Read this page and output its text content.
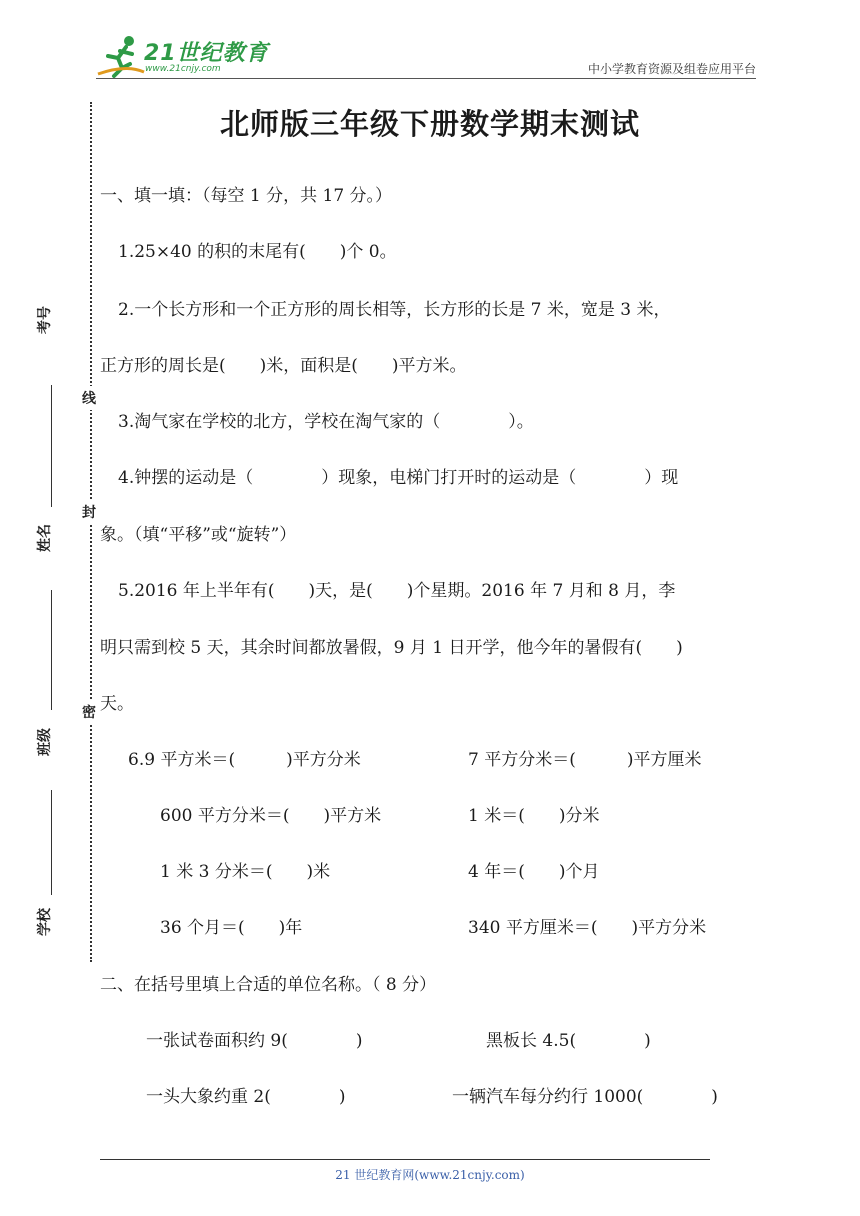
21世纪教育
www.21cnjy.com	中小学教育资源及组卷应用平台
线
封
密
考号
姓名
班级
学校
北师版三年级下册数学期末测试
一、填一填：（每空 1 分，共 17 分。）
1.25×40 的积的末尾有(　　)个 0。
2.一个长方形和一个正方形的周长相等，长方形的长是 7 米，宽是 3 米，
正方形的周长是(　　)米，面积是(　　)平方米。
3.淘气家在学校的北方，学校在淘气家的（　　　　）。
4.钟摆的运动是（　　　　）现象，电梯门打开时的运动是（　　　　）现
象。（填“平移”或“旋转”）
5.2016 年上半年有(　　)天，是(　　)个星期。2016 年 7 月和 8 月，李
明只需到校 5 天，其余时间都放暑假，9 月 1 日开学，他今年的暑假有(　　)
天。
6.9 平方米＝(　　　)平方分米	7 平方分米＝(　　　)平方厘米
600 平方分米＝(　　)平方米	1 米＝(　　)分米
1 米 3 分米＝(　　)米	4 年＝(　　)个月
36 个月＝(　　)年	340 平方厘米＝(　　)平方分米
二、在括号里填上合适的单位名称。（ 8 分）
一张试卷面积约 9(　　　　)	黑板长 4.5(　　　　)
一头大象约重 2(　　　　)	一辆汽车每分约行 1000(　　　　)
21 世纪教育网(www.21cnjy.com)
